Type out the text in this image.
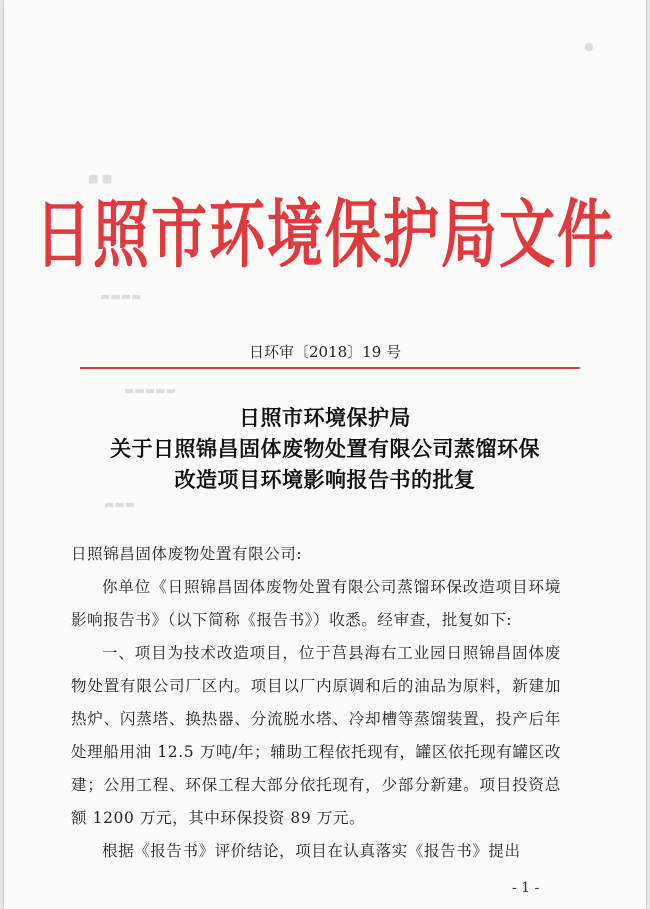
■ ■
▬▬▬▬
▬▬▬▬▬
▬▬▬
●
日照市环境保护局文件
日环审〔2018〕19 号
日照市环境保护局
关于日照锦昌固体废物处置有限公司蒸馏环保
改造项目环境影响报告书的批复

日照锦昌固体废物处置有限公司:

你单位《日照锦昌固体废物处置有限公司蒸馏环保改造项目环境影响报告书》（以下简称《报告书》）收悉。经审查，批复如下:

一、项目为技术改造项目，位于莒县海右工业园日照锦昌固体废物处置有限公司厂区内。项目以厂内原调和后的油品为原料，新建加热炉、闪蒸塔、换热器、分流脱水塔、冷却槽等蒸馏装置，投产后年处理船用油 12.5 万吨/年；辅助工程依托现有，罐区依托现有罐区改建；公用工程、环保工程大部分依托现有，少部分新建。项目投资总额 1200 万元，其中环保投资 89 万元。

根据《报告书》评价结论，项目在认真落实《报告书》提出

- 1 -
